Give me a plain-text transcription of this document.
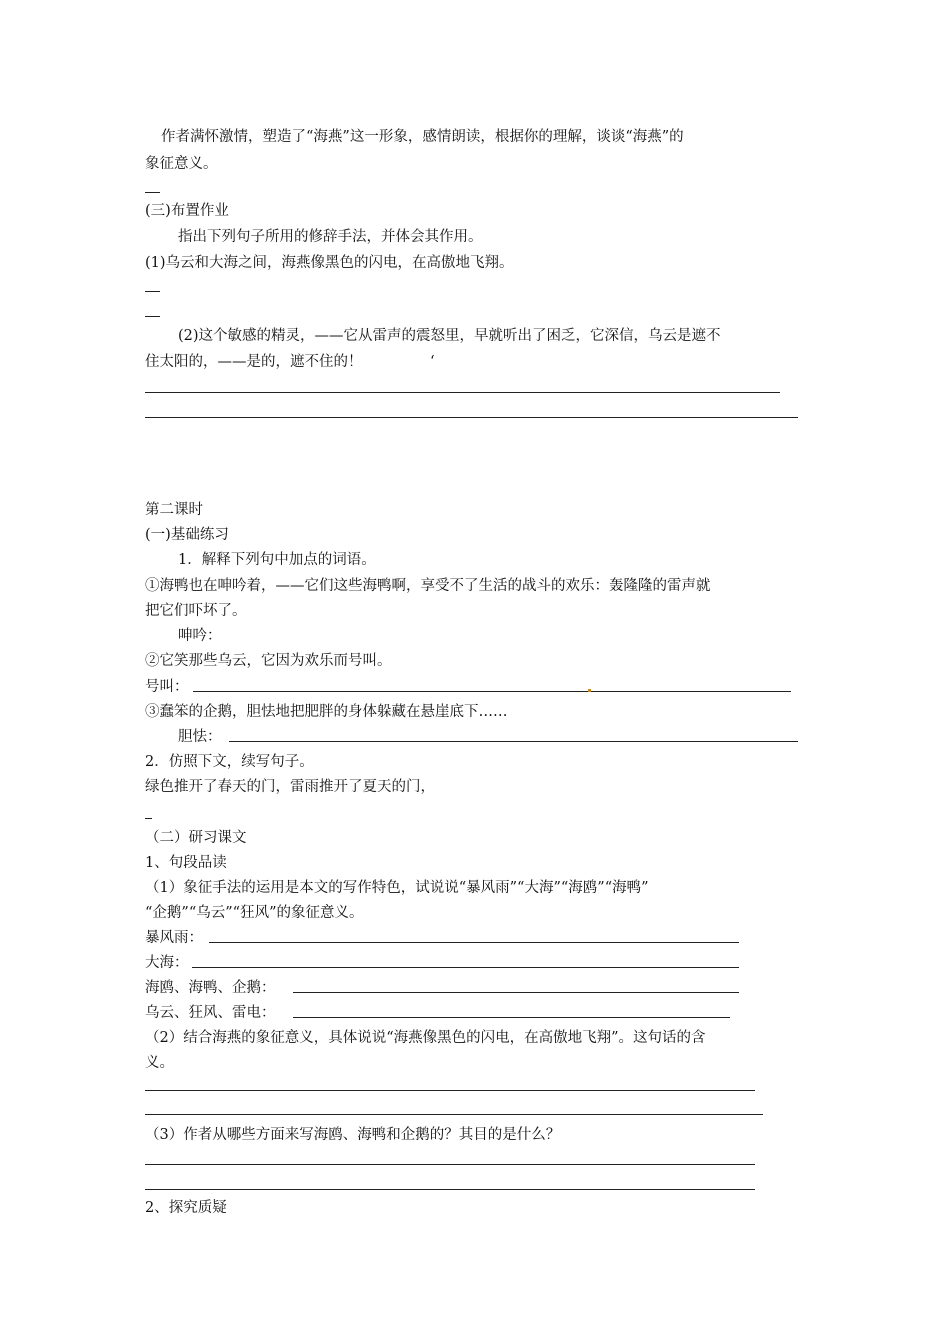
作者满怀激情，塑造了“海燕”这一形象，感情朗读，根据你的理解，谈谈“海燕”的
象征意义。
(三)布置作业
指出下列句子所用的修辞手法，并体会其作用。
(1)乌云和大海之间，海燕像黑色的闪电，在高傲地飞翔。
(2)这个敏感的精灵，——它从雷声的震怒里，早就听出了困乏，它深信，乌云是遮不
住太阳的，——是的，遮不住的！	‘
第二课时
(一)基础练习
1．解释下列句中加点的词语。
①海鸭也在呻吟着，——它们这些海鸭啊，享受不了生活的战斗的欢乐：轰隆隆的雷声就
把它们吓坏了。
呻吟：
②它笑那些乌云，它因为欢乐而号叫。
号叫：
③蠢笨的企鹅，胆怯地把肥胖的身体躲藏在悬崖底下……
胆怯：
2．仿照下文，续写句子。
绿色推开了春天的门，雷雨推开了夏天的门，
（二）研习课文
1、句段品读
（1）象征手法的运用是本文的写作特色，试说说“暴风雨”“大海”“海鸥”“海鸭”
“企鹅”“乌云”“狂风”的象征意义。
暴风雨：
大海：
海鸥、海鸭、企鹅：
乌云、狂风、雷电：
（2）结合海燕的象征意义，具体说说“海燕像黑色的闪电，在高傲地飞翔”。这句话的含
义。
（3）作者从哪些方面来写海鸥、海鸭和企鹅的？其目的是什么？
2、探究质疑
